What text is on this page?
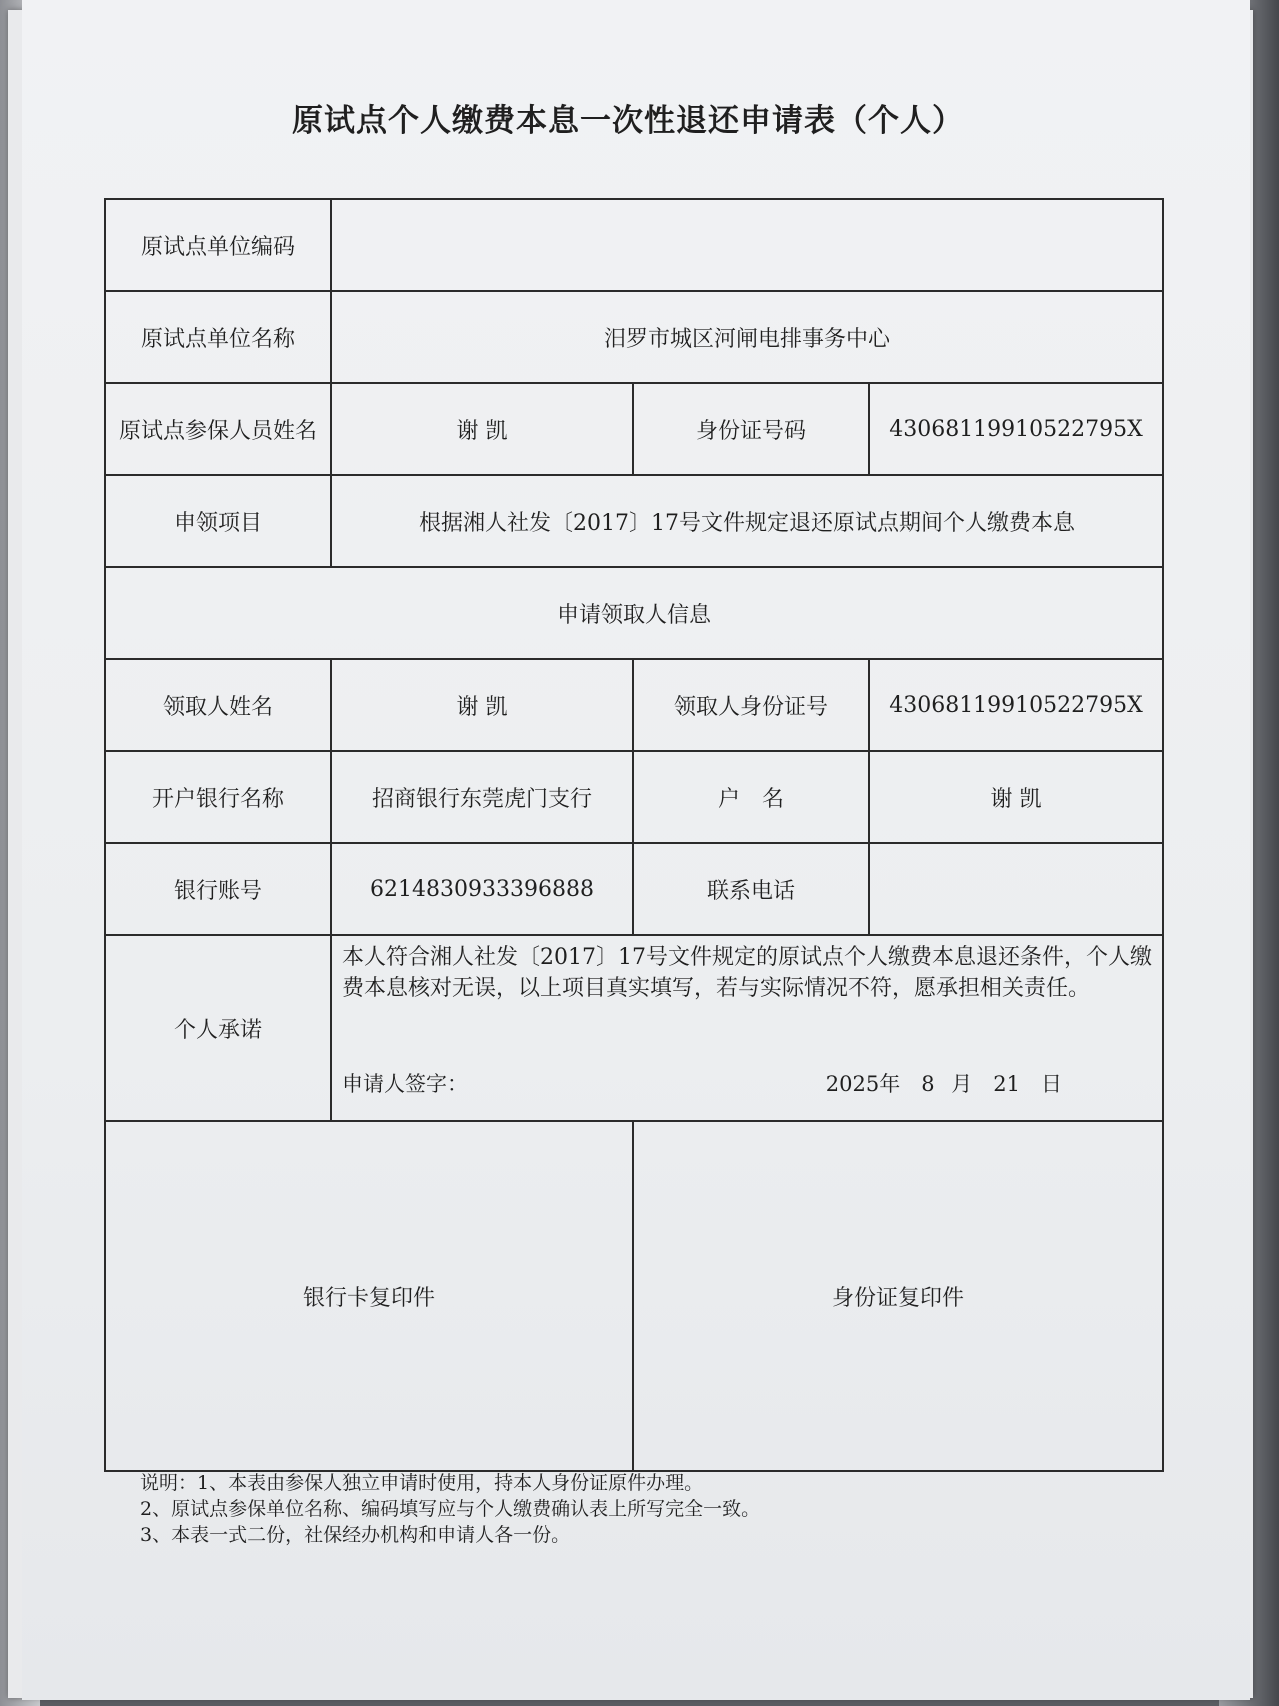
原试点个人缴费本息一次性退还申请表（个人）
原试点单位编码			
原试点单位名称	汨罗市城区河闸电排事务中心		
原试点参保人员姓名	谢 凯	身份证号码	43068119910522795X
申领项目	根据湘人社发〔2017〕17号文件规定退还原试点期间个人缴费本息		
申请领取人信息			
领取人姓名	谢 凯	领取人身份证号	43068119910522795X
开户银行名称	招商银行东莞虎门支行	户　名	谢 凯
银行账号	6214830933396888	联系电话	
个人承诺	本人符合湘人社发〔2017〕17号文件规定的原试点个人缴费本息退还条件，个人缴费本息核对无误，以上项目真实填写，若与实际情况不符，愿承担相关责任。

申请人签字： 2025年　8 月　21　日		

银行卡复印件		身份证复印件	
说明：1、本表由参保人独立申请时使用，持本人身份证原件办理。
2、原试点参保单位名称、编码填写应与个人缴费确认表上所写完全一致。
3、本表一式二份，社保经办机构和申请人各一份。
